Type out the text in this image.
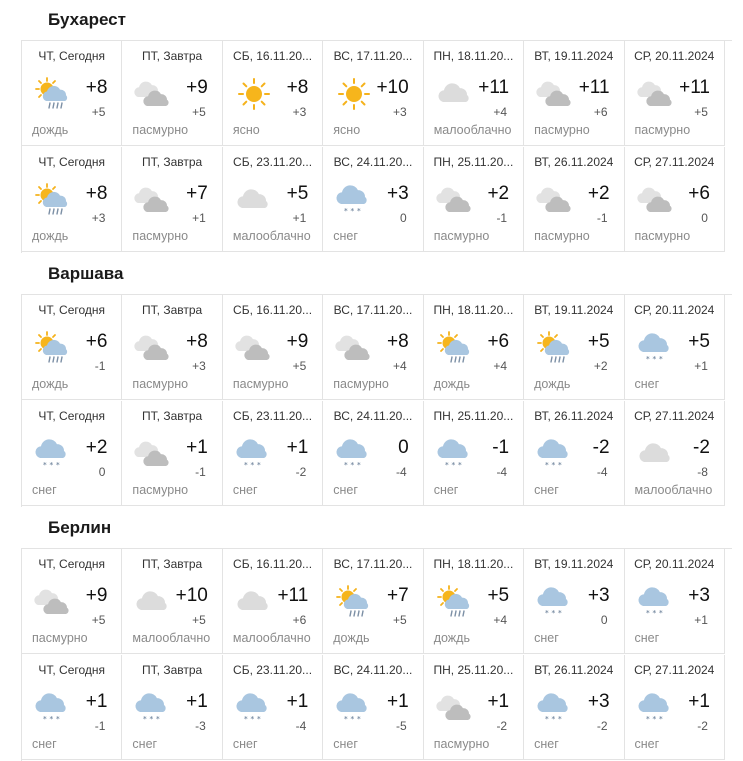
Бухарест
ЧТ, Сегодня
+8
+5
дождь
ПТ, Завтра
+9
+5
пасмурно
СБ, 16.11.20...
+8
+3
ясно
ВС, 17.11.20...
+10
+3
ясно
ПН, 18.11.20...
+11
+4
малооблачно
ВТ, 19.11.2024
+11
+6
пасмурно
СР, 20.11.2024
+11
+5
пасмурно
ЧТ, Сегодня
+8
+3
дождь
ПТ, Завтра
+7
+1
пасмурно
СБ, 23.11.20...
+5
+1
малооблачно
ВС, 24.11.20...
* * *
+3
0
снег
ПН, 25.11.20...
+2
-1
пасмурно
ВТ, 26.11.2024
+2
-1
пасмурно
СР, 27.11.2024
+6
0
пасмурно
Варшава
ЧТ, Сегодня
+6
-1
дождь
ПТ, Завтра
+8
+3
пасмурно
СБ, 16.11.20...
+9
+5
пасмурно
ВС, 17.11.20...
+8
+4
пасмурно
ПН, 18.11.20...
+6
+4
дождь
ВТ, 19.11.2024
+5
+2
дождь
СР, 20.11.2024
* * *
+5
+1
снег
ЧТ, Сегодня
* * *
+2
0
снег
ПТ, Завтра
+1
-1
пасмурно
СБ, 23.11.20...
* * *
+1
-2
снег
ВС, 24.11.20...
* * *
0
-4
снег
ПН, 25.11.20...
* * *
-1
-4
снег
ВТ, 26.11.2024
* * *
-2
-4
снег
СР, 27.11.2024
-2
-8
малооблачно
Берлин
ЧТ, Сегодня
+9
+5
пасмурно
ПТ, Завтра
+10
+5
малооблачно
СБ, 16.11.20...
+11
+6
малооблачно
ВС, 17.11.20...
+7
+5
дождь
ПН, 18.11.20...
+5
+4
дождь
ВТ, 19.11.2024
* * *
+3
0
снег
СР, 20.11.2024
* * *
+3
+1
снег
ЧТ, Сегодня
* * *
+1
-1
снег
ПТ, Завтра
* * *
+1
-3
снег
СБ, 23.11.20...
* * *
+1
-4
снег
ВС, 24.11.20...
* * *
+1
-5
снег
ПН, 25.11.20...
+1
-2
пасмурно
ВТ, 26.11.2024
* * *
+3
-2
снег
СР, 27.11.2024
* * *
+1
-2
снег
